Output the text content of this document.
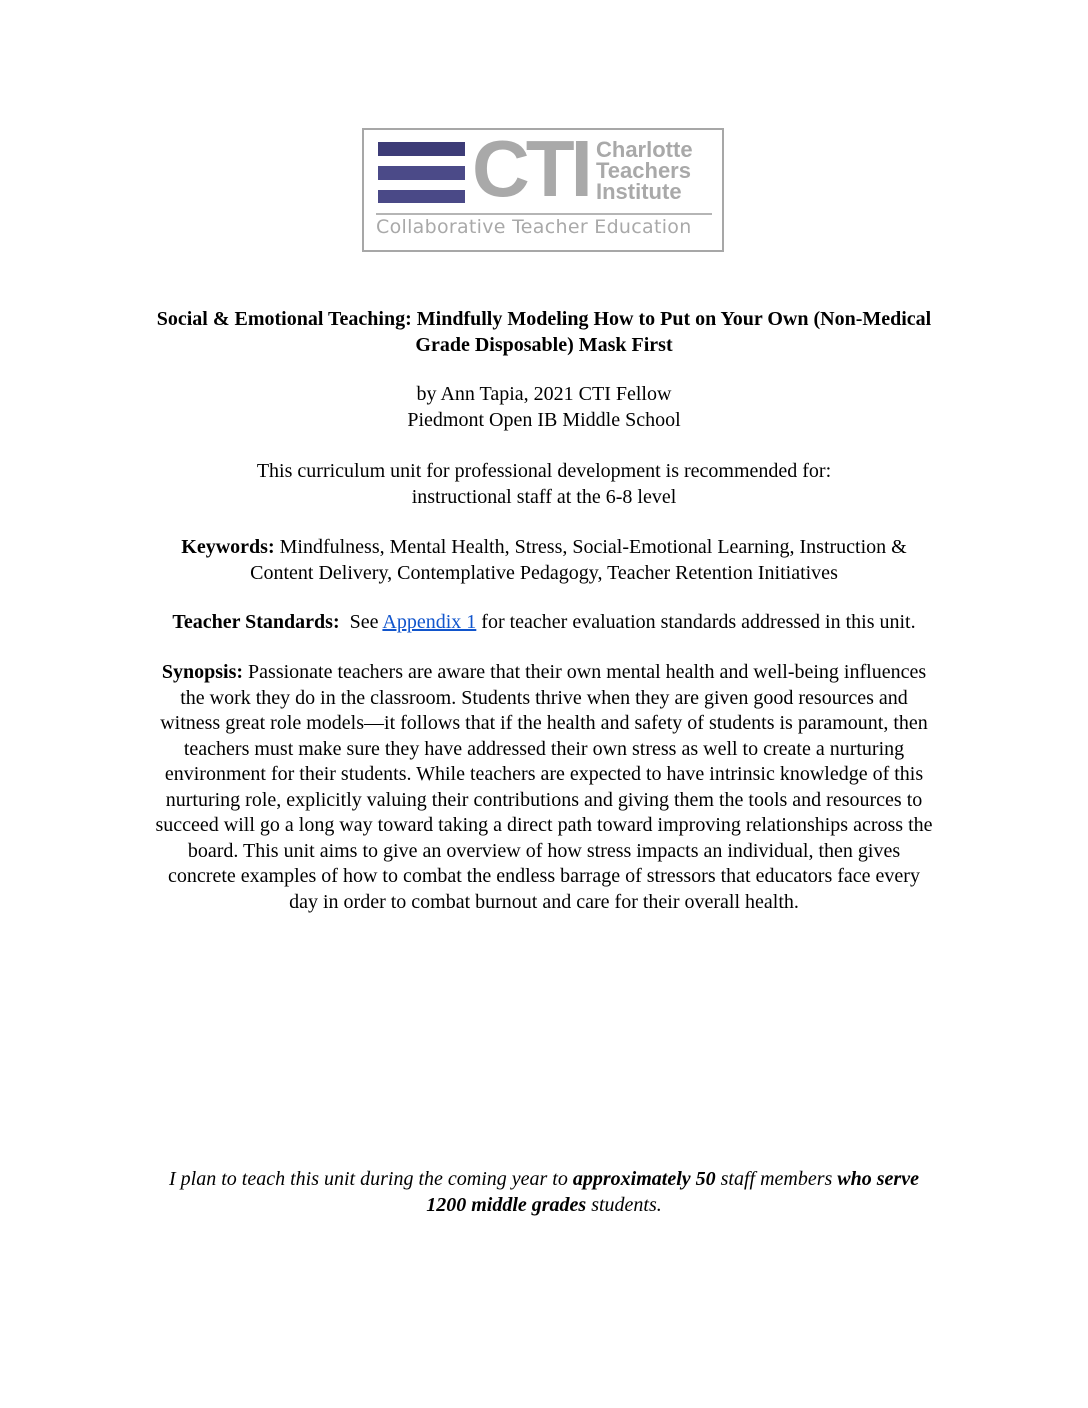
CTI Charlotte
Teachers
Institute
Collaborative Teacher Education
Social & Emotional Teaching: Mindfully Modeling How to Put on Your Own (Non-Medical
Grade Disposable) Mask First
by Ann Tapia, 2021 CTI Fellow
Piedmont Open IB Middle School
This curriculum unit for professional development is recommended for:
instructional staff at the 6-8 level
Keywords: Mindfulness, Mental Health, Stress, Social-Emotional Learning, Instruction &
Content Delivery, Contemplative Pedagogy, Teacher Retention Initiatives
Teacher Standards:  See Appendix 1 for teacher evaluation standards addressed in this unit.
Synopsis: Passionate teachers are aware that their own mental health and well-being influences
the work they do in the classroom. Students thrive when they are given good resources and
witness great role models—it follows that if the health and safety of students is paramount, then
teachers must make sure they have addressed their own stress as well to create a nurturing
environment for their students. While teachers are expected to have intrinsic knowledge of this
nurturing role, explicitly valuing their contributions and giving them the tools and resources to
succeed will go a long way toward taking a direct path toward improving relationships across the
board. This unit aims to give an overview of how stress impacts an individual, then gives
concrete examples of how to combat the endless barrage of stressors that educators face every
day in order to combat burnout and care for their overall health.
I plan to teach this unit during the coming year to approximately 50 staff members who serve
1200 middle grades students.
